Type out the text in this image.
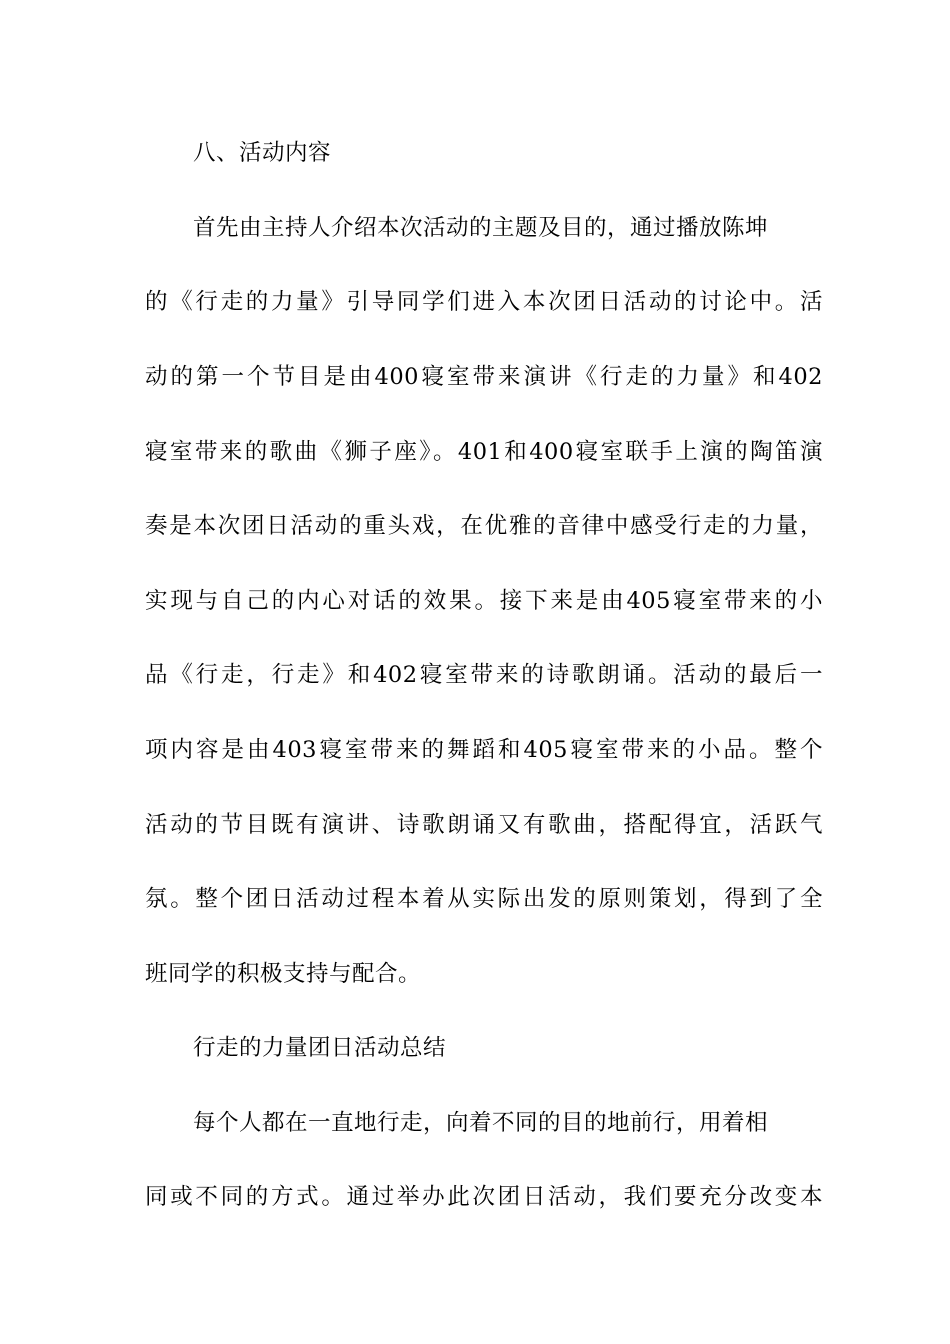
八、活动内容
首先由主持人介绍本次活动的主题及目的，通过播放陈坤
的《行走的力量》引导同学们进入本次团日活动的讨论中。活
动的第一个节目是由400寝室带来演讲《行走的力量》和402
寝室带来的歌曲《狮子座》。401和400寝室联手上演的陶笛演
奏是本次团日活动的重头戏，在优雅的音律中感受行走的力量，
实现与自己的内心对话的效果。接下来是由405寝室带来的小
品《行走，行走》和402寝室带来的诗歌朗诵。活动的最后一
项内容是由403寝室带来的舞蹈和405寝室带来的小品。整个
活动的节目既有演讲、诗歌朗诵又有歌曲，搭配得宜，活跃气
氛。整个团日活动过程本着从实际出发的原则策划，得到了全
班同学的积极支持与配合。
行走的力量团日活动总结
每个人都在一直地行走，向着不同的目的地前行，用着相
同或不同的方式。通过举办此次团日活动，我们要充分改变本
